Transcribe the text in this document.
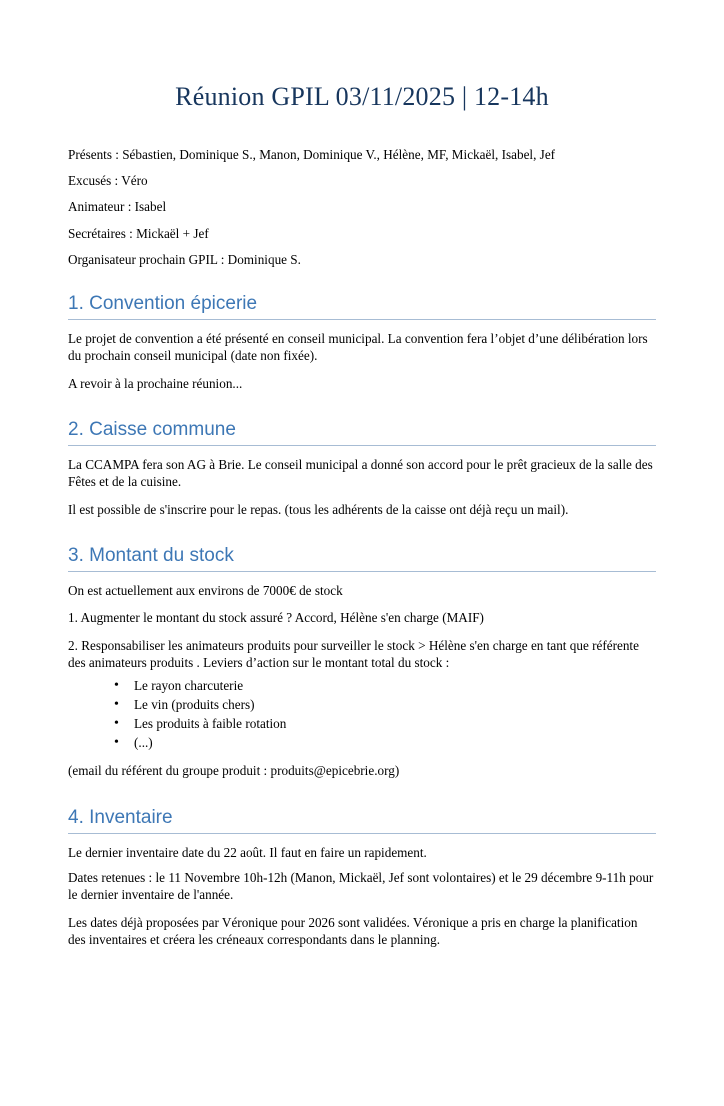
Réunion GPIL 03/11/2025 | 12-14h
Présents : Sébastien, Dominique S., Manon, Dominique V., Hélène, MF, Mickaël, Isabel, Jef
Excusés : Véro
Animateur : Isabel
Secrétaires : Mickaël + Jef
Organisateur prochain GPIL : Dominique S.
1. Convention épicerie

Le projet de convention a été présenté en conseil municipal. La convention fera l’objet d’une délibération lors du prochain conseil municipal (date non fixée).

A revoir à la prochaine réunion...

2. Caisse commune

La CCAMPA fera son AG à Brie. Le conseil municipal a donné son accord pour le prêt gracieux de la salle des Fêtes et de la cuisine.

Il est possible de s'inscrire pour le repas. (tous les adhérents de la caisse ont déjà reçu un mail).

3. Montant du stock

On est actuellement aux environs de 7000€ de stock

1. Augmenter le montant du stock assuré ? Accord, Hélène s'en charge (MAIF)

2. Responsabiliser les animateurs produits pour surveiller le stock > Hélène s'en charge en tant que référente des animateurs produits . Leviers d’action sur le montant total du stock :

• Le rayon charcuterie
• Le vin (produits chers)
• Les produits à faible rotation
• (...)

(email du référent du groupe produit : produits@epicebrie.org)

4. Inventaire

Le dernier inventaire date du 22 août. Il faut en faire un rapidement.

Dates retenues : le 11 Novembre 10h-12h (Manon, Mickaël, Jef sont volontaires) et le 29 décembre 9-11h pour le dernier inventaire de l'année.

Les dates déjà proposées par Véronique pour 2026 sont validées. Véronique a pris en charge la planification des inventaires et créera les créneaux correspondants dans le planning.
